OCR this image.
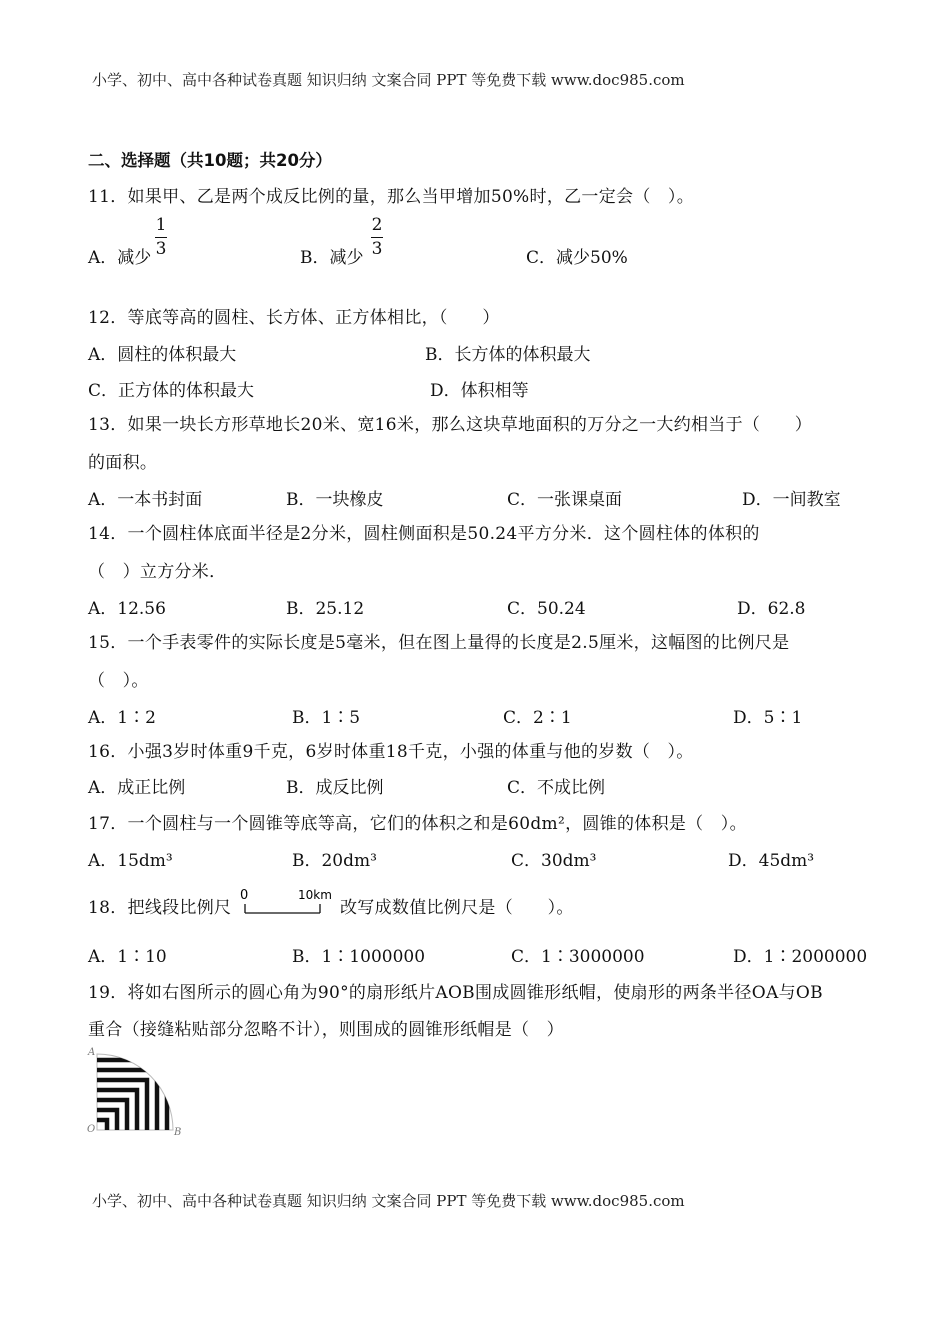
小学、初中、高中各种试卷真题 知识归纳 文案合同 PPT 等免费下载 www.doc985.com
小学、初中、高中各种试卷真题 知识归纳 文案合同 PPT 等免费下载 www.doc985.com
二、选择题（共10题；共20分）
11．如果甲、乙是两个成反比例的量，那么当甲增加50%时，乙一定会（　）。
A．减少
1
3	B．减少
2
3	C．减少50%
12．等底等高的圆柱、长方体、正方体相比，（　　）
A．圆柱的体积最大	B．长方体的体积最大
C．正方体的体积最大	D．体积相等
13．如果一块长方形草地长20米、宽16米，那么这块草地面积的万分之一大约相当于（　　）
的面积。
A．一本书封面	B．一块橡皮	C．一张课桌面	D．一间教室
14．一个圆柱体底面半径是2分米，圆柱侧面积是50.24平方分米．这个圆柱体的体积的
（　）立方分米．
A．12.56	B．25.12	C．50.24	D．62.8
15．一个手表零件的实际长度是5毫米，但在图上量得的长度是2.5厘米，这幅图的比例尺是
（　）。
A．1∶2	B．1∶5	C．2∶1	D．5∶1
16．小强3岁时体重9千克，6岁时体重18千克，小强的体重与他的岁数（　）。
A．成正比例	B．成反比例	C．不成比例
17．一个圆柱与一个圆锥等底等高，它们的体积之和是60dm²，圆锥的体积是（　）。
A．15dm³	B．20dm³	C．30dm³	D．45dm³
18．把线段比例尺
0	10km
改写成数值比例尺是（　　）。
A．1∶10	B．1∶1000000	C．1∶3000000	D．1∶2000000
19．将如右图所示的圆心角为90°的扇形纸片AOB围成圆锥形纸帽，使扇形的两条半径OA与OB
重合（接缝粘贴部分忽略不计），则围成的圆锥形纸帽是（　）
A
O	B
